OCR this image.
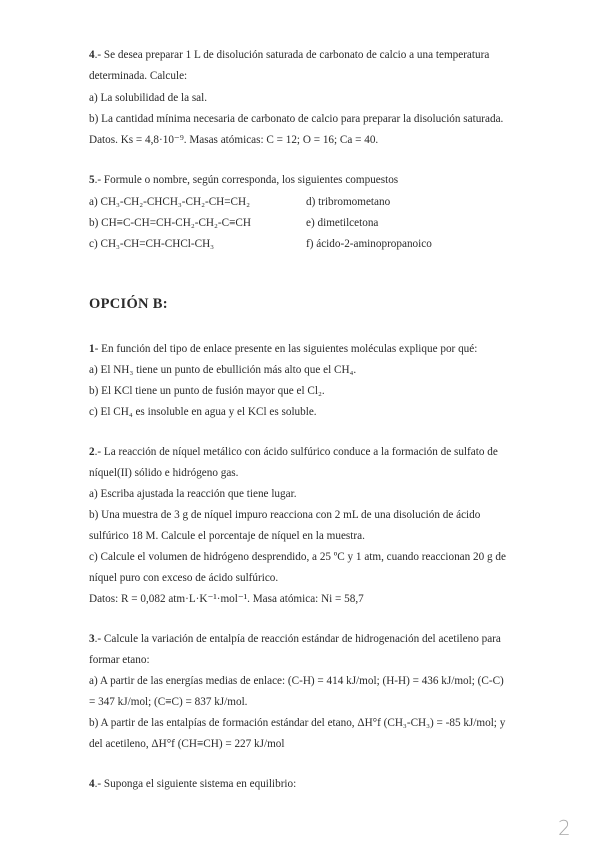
4.- Se desea preparar 1 L de disolución saturada de carbonato de calcio a una temperatura
determinada. Calcule:
a) La solubilidad de la sal.
b) La cantidad mínima necesaria de carbonato de calcio para preparar la disolución saturada.
Datos. Ks = 4,8·10⁻⁹. Masas atómicas: C = 12; O = 16; Ca = 40.
5.- Formule o nombre, según corresponda, los siguientes compuestos
a) CH₃-CH₂-CHCH₃-CH₂-CH=CH₂	d) tribromometano
b) CH≡C-CH=CH-CH₂-CH₂-C≡CH	e) dimetilcetona
c) CH₃-CH=CH-CHCl-CH₃	f) ácido-2-aminopropanoico
OPCIÓN B:
1- En función del tipo de enlace presente en las siguientes moléculas explique por qué:
a) El NH₃ tiene un punto de ebullición más alto que el CH₄.
b) El KCl tiene un punto de fusión mayor que el Cl₂.
c) El CH₄ es insoluble en agua y el KCl es soluble.
2.- La reacción de níquel metálico con ácido sulfúrico conduce a la formación de sulfato de
níquel(II) sólido e hidrógeno gas.
a) Escriba ajustada la reacción que tiene lugar.
b) Una muestra de 3 g de níquel impuro reacciona con 2 mL de una disolución de ácido
sulfúrico 18 M. Calcule el porcentaje de níquel en la muestra.
c) Calcule el volumen de hidrógeno desprendido, a 25 ºC y 1 atm, cuando reaccionan 20 g de
níquel puro con exceso de ácido sulfúrico.
Datos: R = 0,082 atm·L·K⁻¹·mol⁻¹. Masa atómica: Ni = 58,7
3.- Calcule la variación de entalpía de reacción estándar de hidrogenación del acetileno para
formar etano:
a) A partir de las energías medias de enlace: (C-H) = 414 kJ/mol; (H-H) = 436 kJ/mol; (C-C)
= 347 kJ/mol; (C≡C) = 837 kJ/mol.
b) A partir de las entalpías de formación estándar del etano, ΔH°f (CH₃-CH₃) = -85 kJ/mol; y
del acetileno, ΔH°f (CH≡CH) = 227 kJ/mol
4.- Suponga el siguiente sistema en equilibrio:
2
